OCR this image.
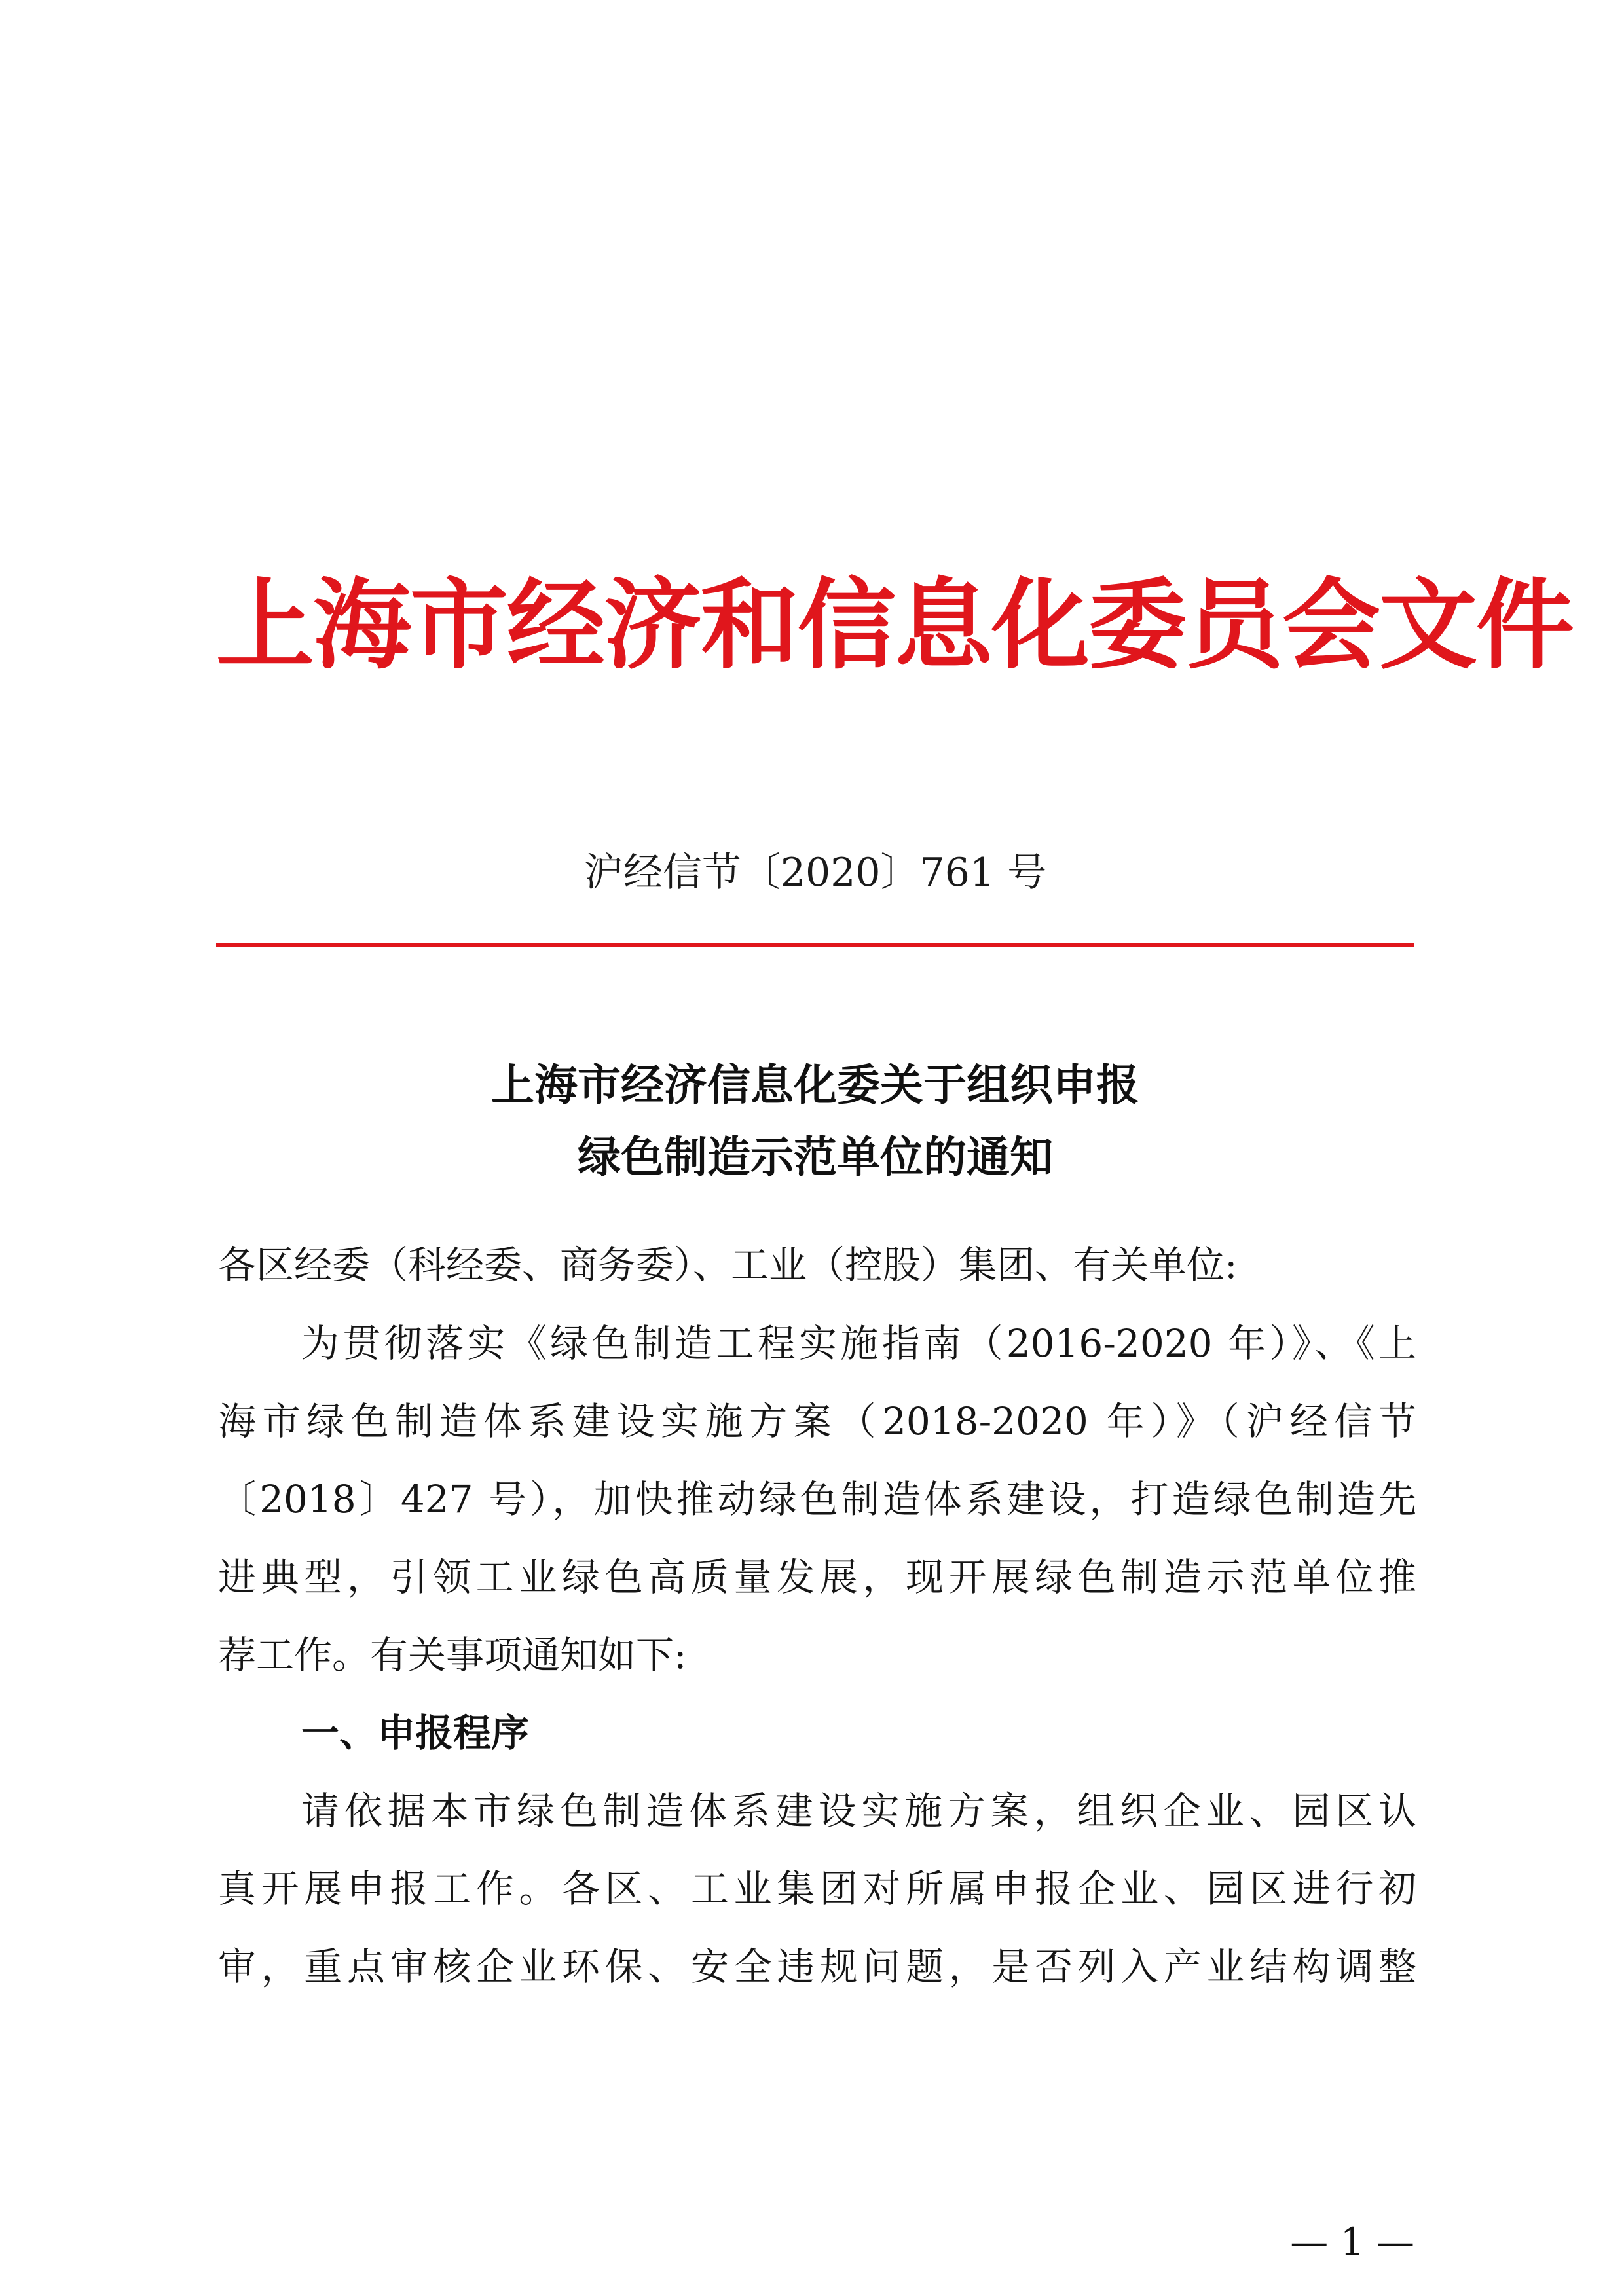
上海市经济和信息化委员会文件
沪经信节〔2020〕761 号
上海市经济信息化委关于组织申报
绿色制造示范单位的通知
各区经委（科经委、商务委）、工业（控股）集团、有关单位:
为贯彻落实《绿色制造工程实施指南（2016-2020 年）》、《上
海市绿色制造体系建设实施方案（2018-2020 年）》（沪经信节
〔2018〕427 号），加快推动绿色制造体系建设，打造绿色制造先
进典型，引领工业绿色高质量发展，现开展绿色制造示范单位推
荐工作。有关事项通知如下:
一、申报程序
请依据本市绿色制造体系建设实施方案，组织企业、园区认
真开展申报工作。各区、工业集团对所属申报企业、园区进行初
审，重点审核企业环保、安全违规问题，是否列入产业结构调整
— 1 —
